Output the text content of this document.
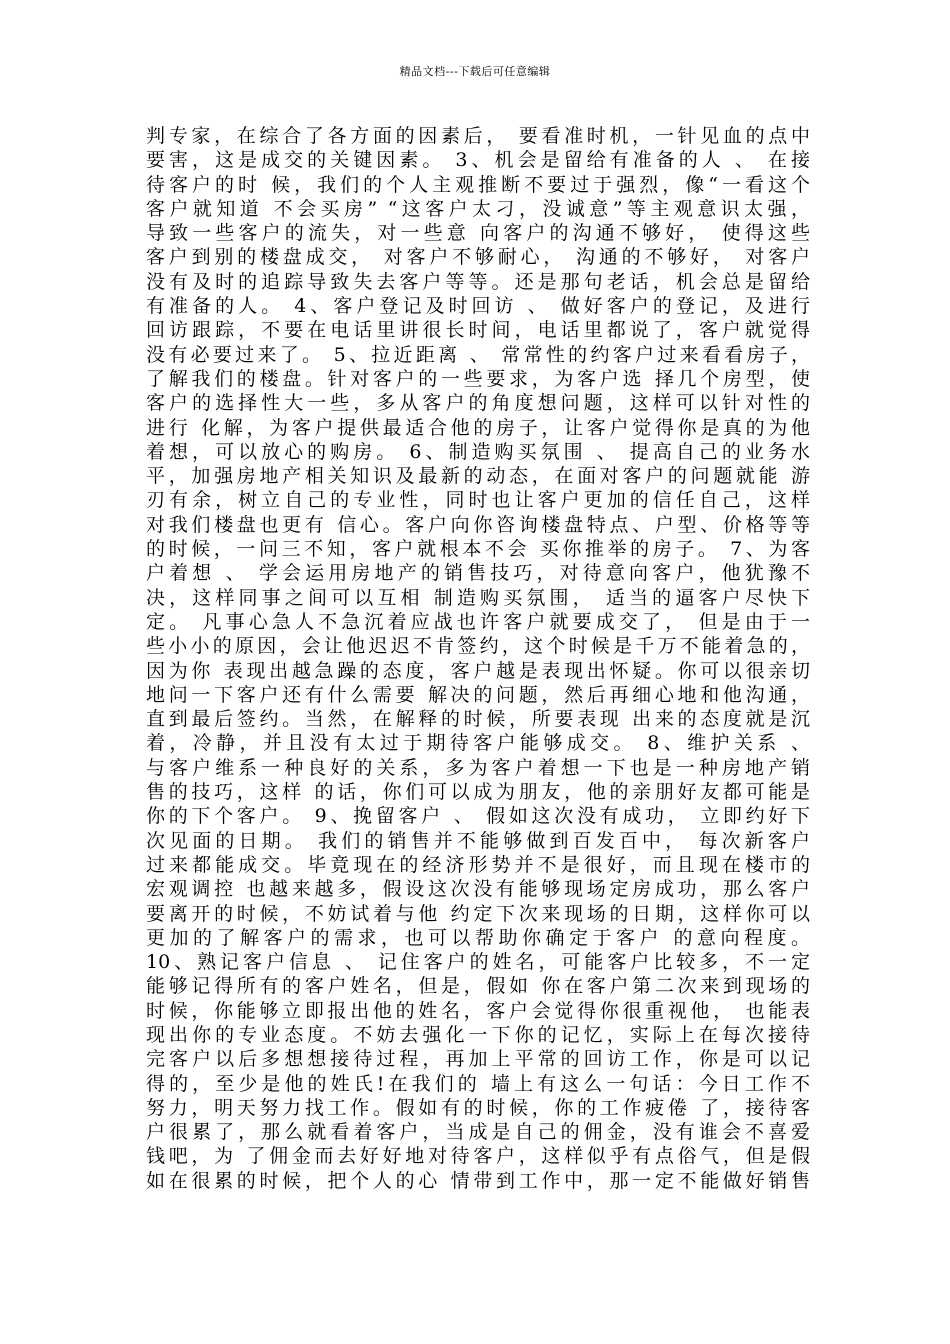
精品文档---下载后可任意编辑
判专家，在综合了各方面的因素后， 要看准时机，一针见血的点中
要害，这是成交的关键因素。 3、机会是留给有准备的人 、 在接
待客户的时 候，我们的个人主观推断不要过于强烈，像“一看这个
客户就知道 不会买房” “这客户太刁，没诚意”等主观意识太强，
导致一些客户的流失，对一些意 向客户的沟通不够好， 使得这些
客户到别的楼盘成交， 对客户不够耐心， 沟通的不够好， 对客户
没有及时的追踪导致失去客户等等。还是那句老话，机会总是留给
有准备的人。 4、客户登记及时回访 、 做好客户的登记，及进行
回访跟踪，不要在电话里讲很长时间，电话里都说了，客户就觉得
没有必要过来了。 5、拉近距离 、 常常性的约客户过来看看房子，
了解我们的楼盘。针对客户的一些要求，为客户选 择几个房型，使
客户的选择性大一些，多从客户的角度想问题，这样可以针对性的
进行 化解，为客户提供最适合他的房子，让客户觉得你是真的为他
着想，可以放心的购房。 6、制造购买氛围 、 提高自己的业务水
平，加强房地产相关知识及最新的动态，在面对客户的问题就能 游
刃有余，树立自己的专业性，同时也让客户更加的信任自己，这样
对我们楼盘也更有 信心。客户向你咨询楼盘特点、户型、价格等等
的时候，一问三不知，客户就根本不会 买你推举的房子。 7、为客
户着想 、 学会运用房地产的销售技巧，对待意向客户，他犹豫不
决，这样同事之间可以互相 制造购买氛围， 适当的逼客户尽快下
定。 凡事心急人不急沉着应战也许客户就要成交了， 但是由于一
些小小的原因，会让他迟迟不肯签约，这个时候是千万不能着急的，
因为你 表现出越急躁的态度，客户越是表现出怀疑。你可以很亲切
地问一下客户还有什么需要 解决的问题，然后再细心地和他沟通，
直到最后签约。当然，在解释的时候，所要表现 出来的态度就是沉
着，冷静，并且没有太过于期待客户能够成交。 8、维护关系 、
与客户维系一种良好的关系，多为客户着想一下也是一种房地产销
售的技巧，这样 的话，你们可以成为朋友，他的亲朋好友都可能是
你的下个客户。 9、挽留客户 、 假如这次没有成功， 立即约好下
次见面的日期。 我们的销售并不能够做到百发百中， 每次新客户
过来都能成交。毕竟现在的经济形势并不是很好，而且现在楼市的
宏观调控 也越来越多，假设这次没有能够现场定房成功，那么客户
要离开的时候，不妨试着与他 约定下次来现场的日期，这样你可以
更加的了解客户的需求，也可以帮助你确定于客户 的意向程度。
10、熟记客户信息 、 记住客户的姓名，可能客户比较多，不一定
能够记得所有的客户姓名，但是，假如 你在客户第二次来到现场的
时候，你能够立即报出他的姓名，客户会觉得你很重视他， 也能表
现出你的专业态度。不妨去强化一下你的记忆，实际上在每次接待
完客户以后多想想接待过程，再加上平常的回访工作，你是可以记
得的，至少是他的姓氏!在我们的 墙上有这么一句话：今日工作不
努力，明天努力找工作。假如有的时候，你的工作疲倦 了，接待客
户很累了，那么就看着客户，当成是自己的佣金，没有谁会不喜爱
钱吧，为 了佣金而去好好地对待客户，这样似乎有点俗气，但是假
如在很累的时候，把个人的心 情带到工作中，那一定不能做好销售
